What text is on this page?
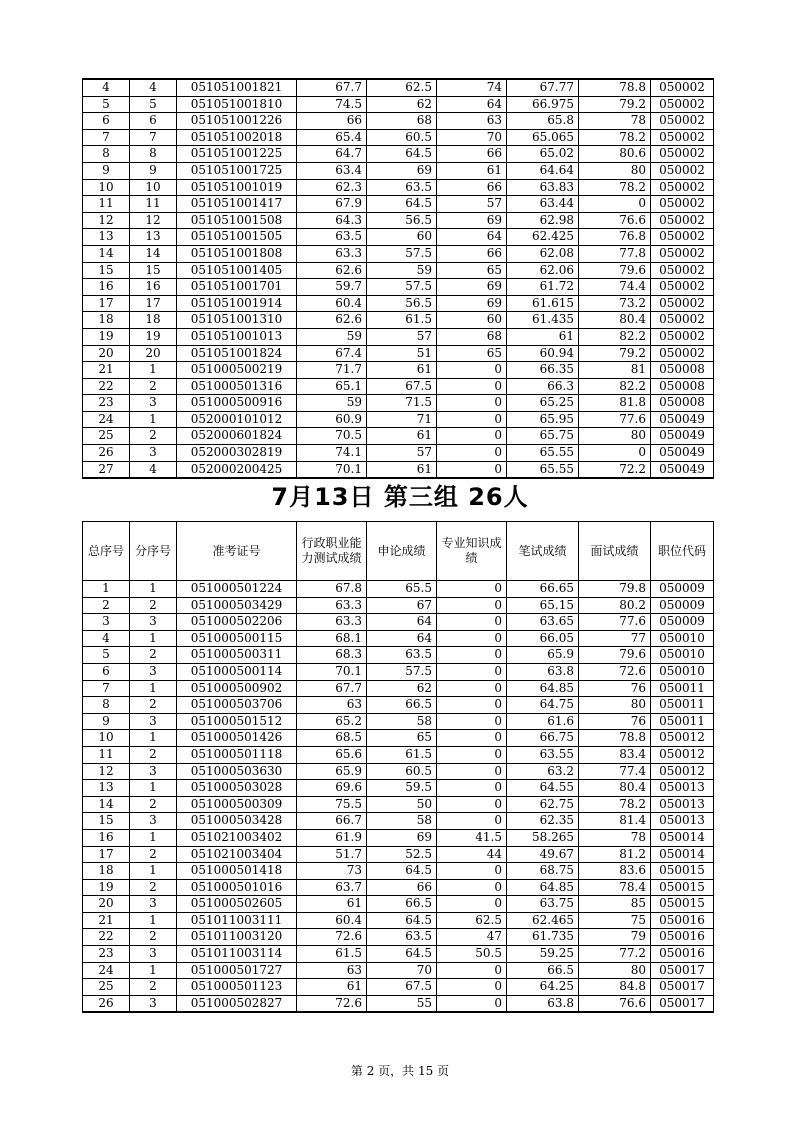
4	4	051051001821	67.7	62.5	74	67.77	78.8	050002
5	5	051051001810	74.5	62	64	66.975	79.2	050002
6	6	051051001226	66	68	63	65.8	78	050002
7	7	051051002018	65.4	60.5	70	65.065	78.2	050002
8	8	051051001225	64.7	64.5	66	65.02	80.6	050002
9	9	051051001725	63.4	69	61	64.64	80	050002
10	10	051051001019	62.3	63.5	66	63.83	78.2	050002
11	11	051051001417	67.9	64.5	57	63.44	0	050002
12	12	051051001508	64.3	56.5	69	62.98	76.6	050002
13	13	051051001505	63.5	60	64	62.425	76.8	050002
14	14	051051001808	63.3	57.5	66	62.08	77.8	050002
15	15	051051001405	62.6	59	65	62.06	79.6	050002
16	16	051051001701	59.7	57.5	69	61.72	74.4	050002
17	17	051051001914	60.4	56.5	69	61.615	73.2	050002
18	18	051051001310	62.6	61.5	60	61.435	80.4	050002
19	19	051051001013	59	57	68	61	82.2	050002
20	20	051051001824	67.4	51	65	60.94	79.2	050002
21	1	051000500219	71.7	61	0	66.35	81	050008
22	2	051000501316	65.1	67.5	0	66.3	82.2	050008
23	3	051000500916	59	71.5	0	65.25	81.8	050008
24	1	052000101012	60.9	71	0	65.95	77.6	050049
25	2	052000601824	70.5	61	0	65.75	80	050049
26	3	052000302819	74.1	57	0	65.55	0	050049
27	4	052000200425	70.1	61	0	65.55	72.2	050049
7月13日 第三组 26人
总序号	分序号	准考证号	行政职业能力测试成绩	申论成绩	专业知识成绩	笔试成绩	面试成绩	职位代码
1	1	051000501224	67.8	65.5	0	66.65	79.8	050009
2	2	051000503429	63.3	67	0	65.15	80.2	050009
3	3	051000502206	63.3	64	0	63.65	77.6	050009
4	1	051000500115	68.1	64	0	66.05	77	050010
5	2	051000500311	68.3	63.5	0	65.9	79.6	050010
6	3	051000500114	70.1	57.5	0	63.8	72.6	050010
7	1	051000500902	67.7	62	0	64.85	76	050011
8	2	051000503706	63	66.5	0	64.75	80	050011
9	3	051000501512	65.2	58	0	61.6	76	050011
10	1	051000501426	68.5	65	0	66.75	78.8	050012
11	2	051000501118	65.6	61.5	0	63.55	83.4	050012
12	3	051000503630	65.9	60.5	0	63.2	77.4	050012
13	1	051000503028	69.6	59.5	0	64.55	80.4	050013
14	2	051000500309	75.5	50	0	62.75	78.2	050013
15	3	051000503428	66.7	58	0	62.35	81.4	050013
16	1	051021003402	61.9	69	41.5	58.265	78	050014
17	2	051021003404	51.7	52.5	44	49.67	81.2	050014
18	1	051000501418	73	64.5	0	68.75	83.6	050015
19	2	051000501016	63.7	66	0	64.85	78.4	050015
20	3	051000502605	61	66.5	0	63.75	85	050015
21	1	051011003111	60.4	64.5	62.5	62.465	75	050016
22	2	051011003120	72.6	63.5	47	61.735	79	050016
23	3	051011003114	61.5	64.5	50.5	59.25	77.2	050016
24	1	051000501727	63	70	0	66.5	80	050017
25	2	051000501123	61	67.5	0	64.25	84.8	050017
26	3	051000502827	72.6	55	0	63.8	76.6	050017
第 2 页，共 15 页
